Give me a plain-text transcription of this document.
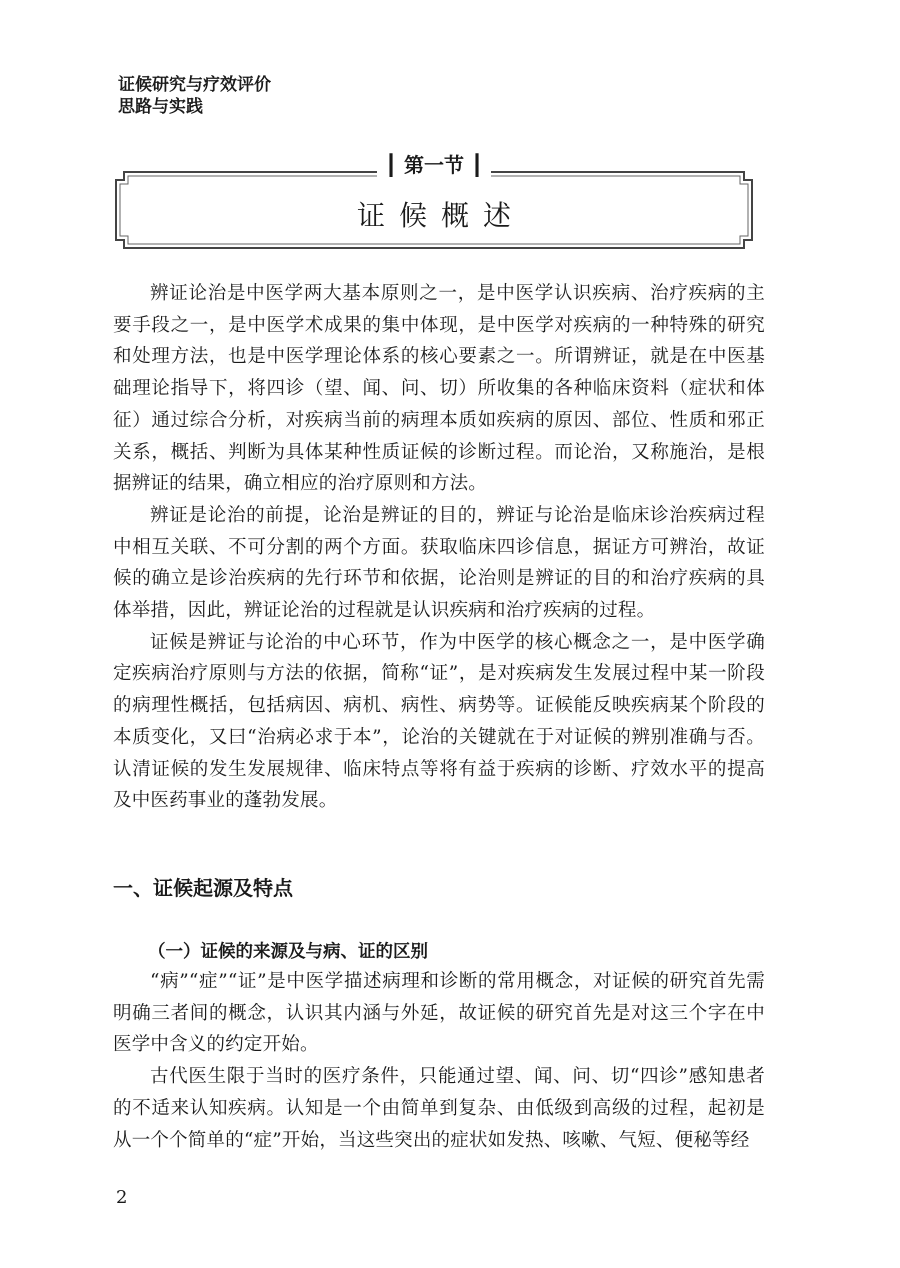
证候研究与疗效评价
思路与实践
┃ 第一节 ┃
证候概述

辨证论治是中医学两大基本原则之一，是中医学认识疾病、治疗疾病的主要手段之一，是中医学术成果的集中体现，是中医学对疾病的一种特殊的研究和处理方法，也是中医学理论体系的核心要素之一。所谓辨证，就是在中医基础理论指导下，将四诊（望、闻、问、切）所收集的各种临床资料（症状和体征）通过综合分析，对疾病当前的病理本质如疾病的原因、部位、性质和邪正关系，概括、判断为具体某种性质证候的诊断过程。而论治，又称施治，是根据辨证的结果，确立相应的治疗原则和方法。

辨证是论治的前提，论治是辨证的目的，辨证与论治是临床诊治疾病过程中相互关联、不可分割的两个方面。获取临床四诊信息，据证方可辨治，故证候的确立是诊治疾病的先行环节和依据，论治则是辨证的目的和治疗疾病的具体举措，因此，辨证论治的过程就是认识疾病和治疗疾病的过程。

证候是辨证与论治的中心环节，作为中医学的核心概念之一，是中医学确定疾病治疗原则与方法的依据，简称“证”，是对疾病发生发展过程中某一阶段的病理性概括，包括病因、病机、病性、病势等。证候能反映疾病某个阶段的本质变化，又曰“治病必求于本”，论治的关键就在于对证候的辨别准确与否。认清证候的发生发展规律、临床特点等将有益于疾病的诊断、疗效水平的提高及中医药事业的蓬勃发展。

一、证候起源及特点
（一）证候的来源及与病、证的区别

“病”“症”“证”是中医学描述病理和诊断的常用概念，对证候的研究首先需明确三者间的概念，认识其内涵与外延，故证候的研究首先是对这三个字在中医学中含义的约定开始。

古代医生限于当时的医疗条件，只能通过望、闻、问、切“四诊”感知患者的不适来认知疾病。认知是一个由简单到复杂、由低级到高级的过程，起初是从一个个简单的“症”开始，当这些突出的症状如发热、咳嗽、气短、便秘等经

2
